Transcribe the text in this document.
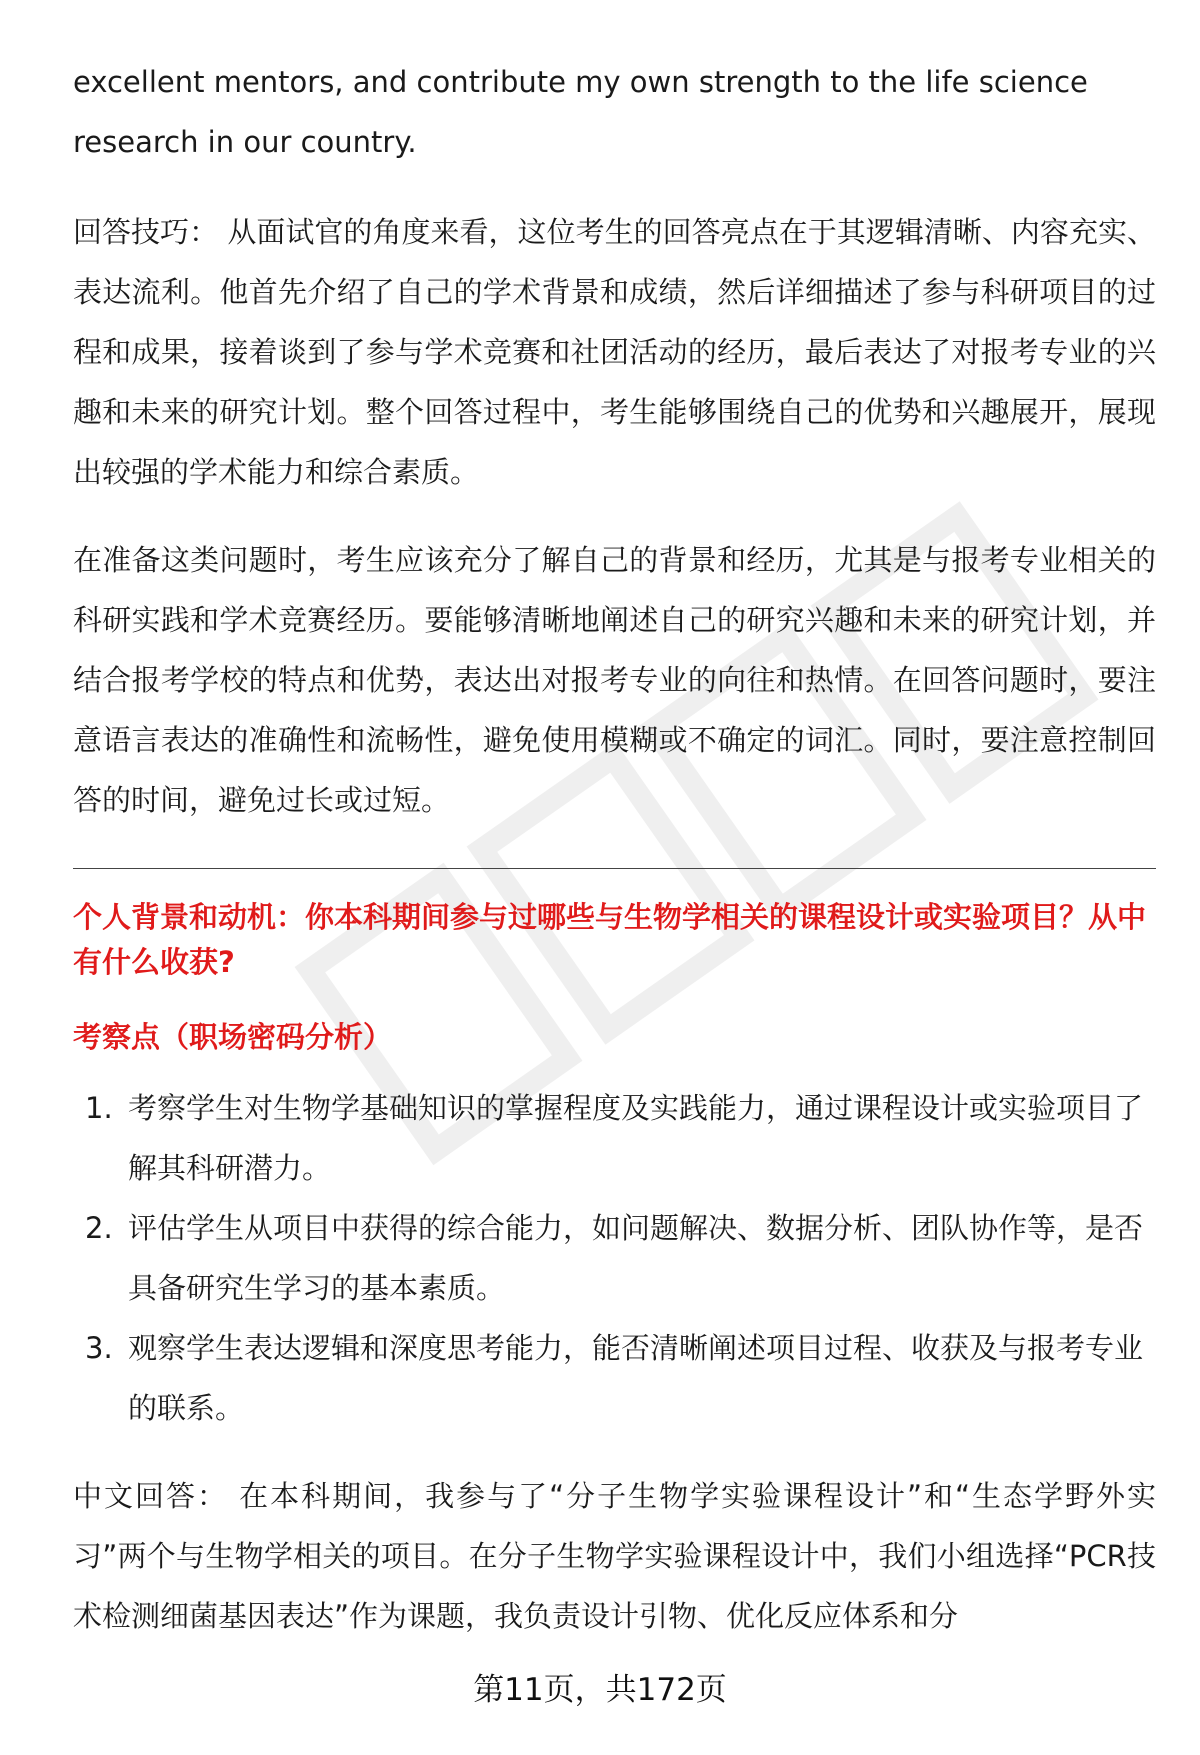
excellent mentors, and contribute my own strength to the life science research in our country.

回答技巧： 从面试官的角度来看，这位考生的回答亮点在于其逻辑清晰、内容充实、表达流利。他首先介绍了自己的学术背景和成绩，然后详细描述了参与科研项目的过程和成果，接着谈到了参与学术竞赛和社团活动的经历，最后表达了对报考专业的兴趣和未来的研究计划。整个回答过程中，考生能够围绕自己的优势和兴趣展开，展现出较强的学术能力和综合素质。

在准备这类问题时，考生应该充分了解自己的背景和经历，尤其是与报考专业相关的科研实践和学术竞赛经历。要能够清晰地阐述自己的研究兴趣和未来的研究计划，并结合报考学校的特点和优势，表达出对报考专业的向往和热情。在回答问题时，要注意语言表达的准确性和流畅性，避免使用模糊或不确定的词汇。同时，要注意控制回答的时间，避免过长或过短。

个人背景和动机：你本科期间参与过哪些与生物学相关的课程设计或实验项目？从中有什么收获?

考察点（职场密码分析）

1. 考察学生对生物学基础知识的掌握程度及实践能力，通过课程设计或实验项目了解其科研潜力。
2. 评估学生从项目中获得的综合能力，如问题解决、数据分析、团队协作等，是否具备研究生学习的基本素质。
3. 观察学生表达逻辑和深度思考能力，能否清晰阐述项目过程、收获及与报考专业的联系。

中文回答： 在本科期间，我参与了“分子生物学实验课程设计”和“生态学野外实习”两个与生物学相关的项目。在分子生物学实验课程设计中，我们小组选择“PCR技术检测细菌基因表达”作为课题，我负责设计引物、优化反应体系和分

第11页，共172页
